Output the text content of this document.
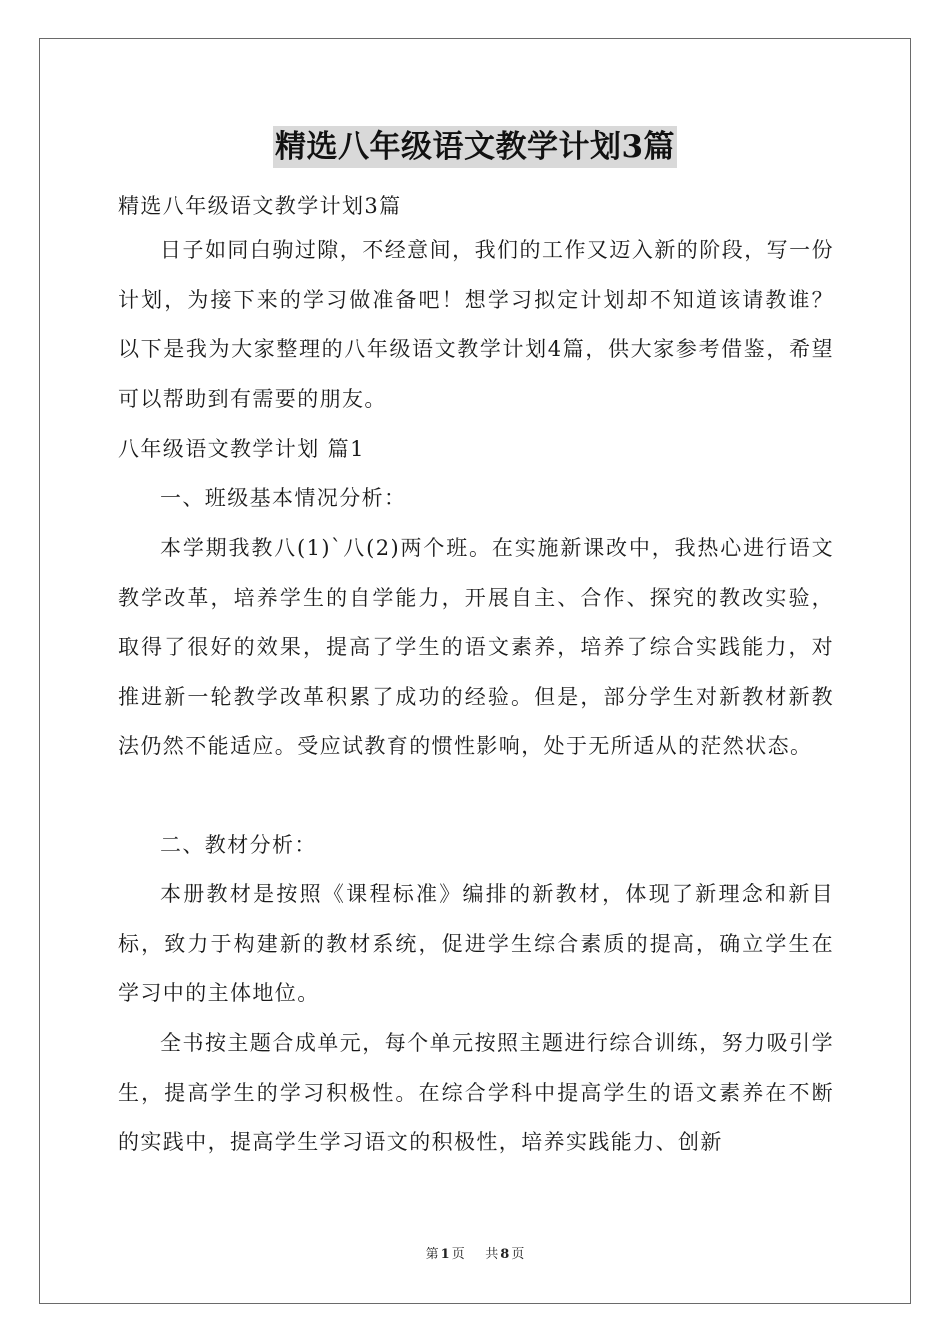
精选八年级语文教学计划3篇

精选八年级语文教学计划3篇

日子如同白驹过隙，不经意间，我们的工作又迈入新的阶段，写一份计划，为接下来的学习做准备吧！想学习拟定计划却不知道该请教谁？以下是我为大家整理的八年级语文教学计划4篇，供大家参考借鉴，希望可以帮助到有需要的朋友。

八年级语文教学计划 篇1

一、班级基本情况分析：

本学期我教八(1)`八(2)两个班。在实施新课改中，我热心进行语文教学改革，培养学生的自学能力，开展自主、合作、探究的教改实验，取得了很好的效果，提高了学生的语文素养，培养了综合实践能力，对推进新一轮教学改革积累了成功的经验。但是，部分学生对新教材新教法仍然不能适应。受应试教育的惯性影响，处于无所适从的茫然状态。

二、教材分析：

本册教材是按照《课程标准》编排的新教材，体现了新理念和新目标，致力于构建新的教材系统，促进学生综合素质的提高，确立学生在学习中的主体地位。

全书按主题合成单元，每个单元按照主题进行综合训练，努力吸引学生，提高学生的学习积极性。在综合学科中提高学生的语文素养在不断的实践中，提高学生学习语文的积极性，培养实践能力、创新

第 1 页 共 8 页
